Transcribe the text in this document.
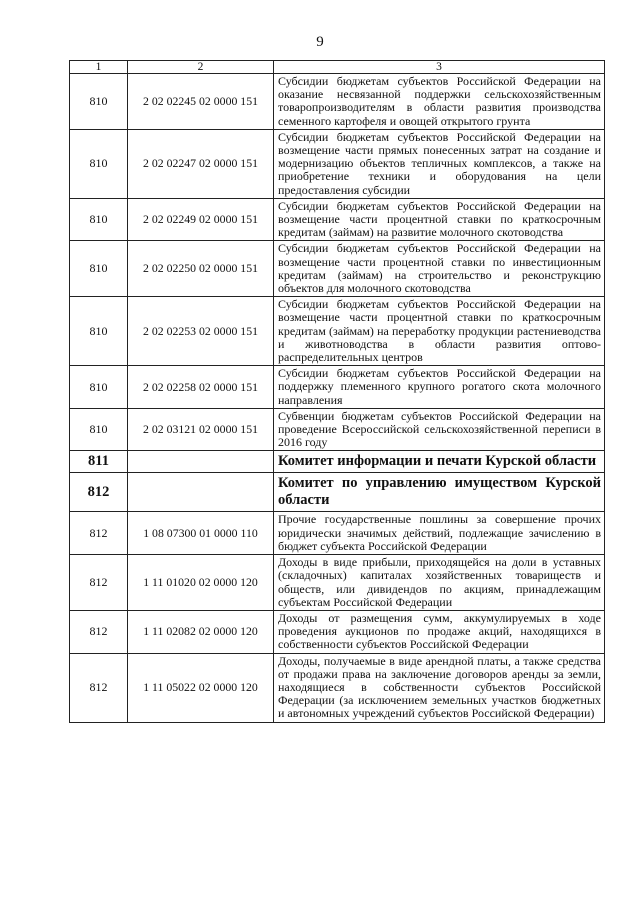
9
1	2	3
810	2 02 02245 02 0000 151	Субсидии бюджетам субъектов Российской Федерации на оказание несвязанной поддержки сельскохозяйственным товаропроизводителям в области развития производства семенного картофеля и овощей открытого грунта
810	2 02 02247 02 0000 151	Субсидии бюджетам субъектов Российской Федерации на возмещение части прямых понесенных затрат на создание и модернизацию объектов тепличных комплексов, а также на приобретение техники и оборудования на цели предоставления субсидии
810	2 02 02249 02 0000 151	Субсидии бюджетам субъектов Российской Федерации на возмещение части процентной ставки по краткосрочным кредитам (займам) на развитие молочного скотоводства
810	2 02 02250 02 0000 151	Субсидии бюджетам субъектов Российской Федерации на возмещение части процентной ставки по инвестиционным кредитам (займам) на строительство и реконструкцию объектов для молочного скотоводства
810	2 02 02253 02 0000 151	Субсидии бюджетам субъектов Российской Федерации на возмещение части процентной ставки по краткосрочным кредитам (займам) на переработку продукции растениеводства и животноводства в области развития оптово-распределительных центров
810	2 02 02258 02 0000 151	Субсидии бюджетам субъектов Российской Федерации на поддержку племенного крупного рогатого скота молочного направления
810	2 02 03121 02 0000 151	Субвенции бюджетам субъектов Российской Федерации на проведение Всероссийской сельскохозяйственной переписи в 2016 году
811		Комитет информации и печати Курской области
812		Комитет по управлению имуществом Курской области
812	1 08 07300 01 0000 110	Прочие государственные пошлины за совершение прочих юридически значимых действий, подлежащие зачислению в бюджет субъекта Российской Федерации
812	1 11 01020 02 0000 120	Доходы в виде прибыли, приходящейся на доли в уставных (складочных) капиталах хозяйственных товариществ и обществ, или дивидендов по акциям, принадлежащим субъектам Российской Федерации
812	1 11 02082 02 0000 120	Доходы от размещения сумм, аккумулируемых в ходе проведения аукционов по продаже акций, находящихся в собственности субъектов Российской Федерации
812	1 11 05022 02 0000 120	Доходы, получаемые в виде арендной платы, а также средства от продажи права на заключение договоров аренды за земли, находящиеся в собственности субъектов Российской Федерации (за исключением земельных участков бюджетных и автономных учреждений субъектов Российской Федерации)
